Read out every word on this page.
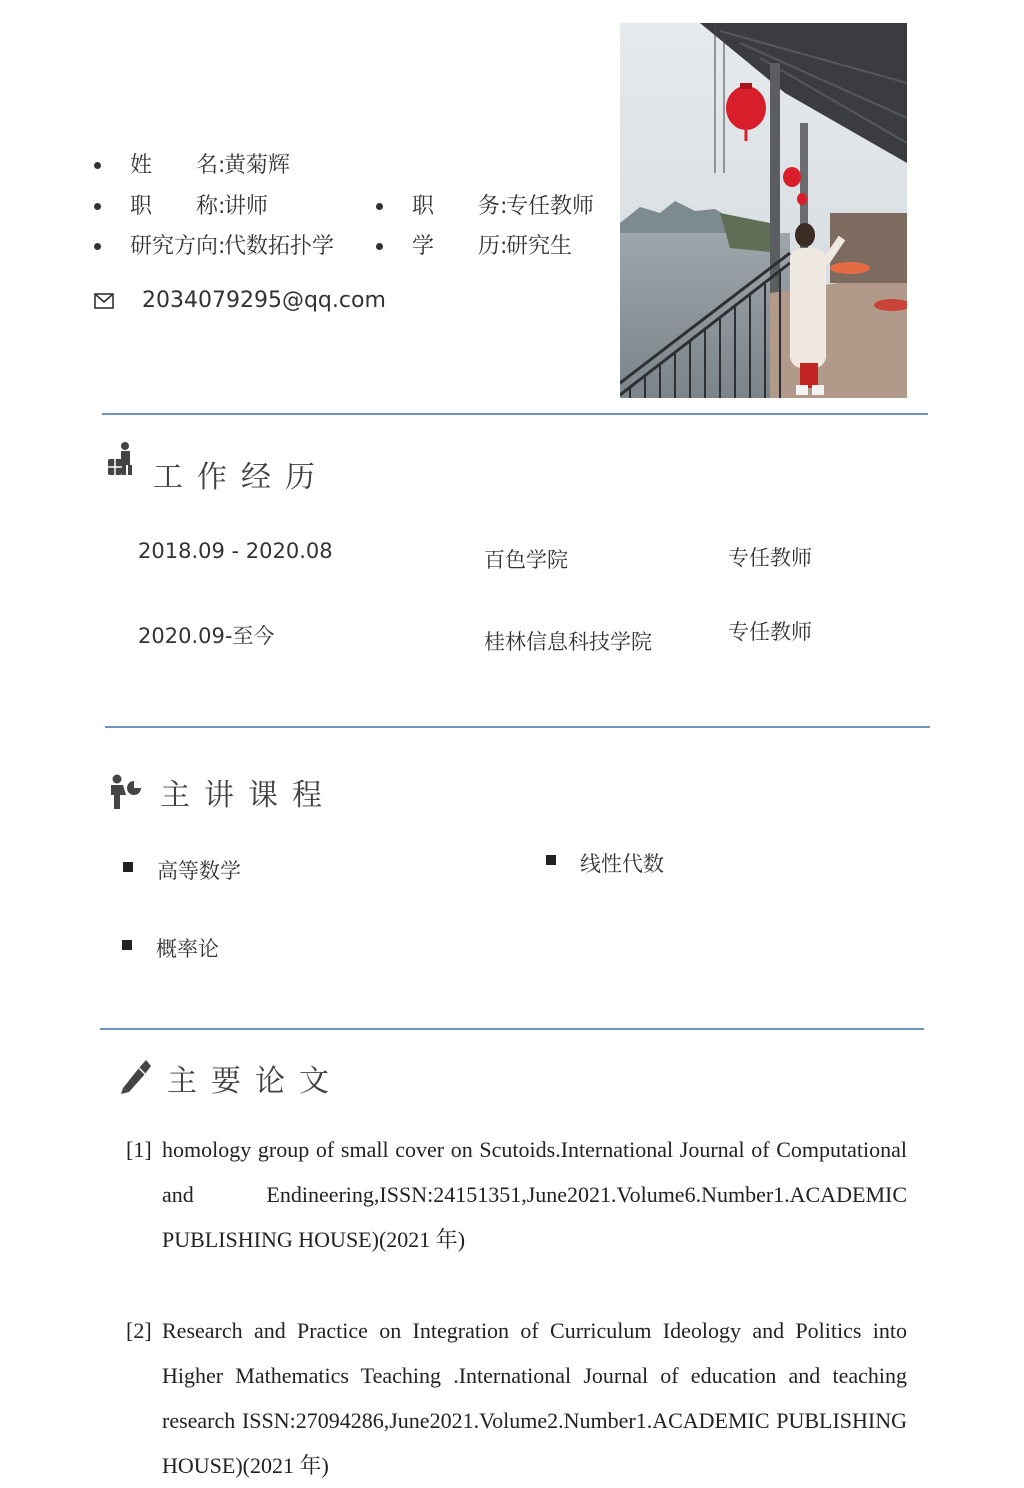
姓　　名:
黄菊辉
职　　称:
讲师	职　　务:
专任教师
研究方向:
代数拓扑学	学　　历:
研究生
2034079295@qq.com
工作经历
2018.09 - 2020.08	百色学院	专任教师
2020.09-至今	桂林信息科技学院	专任教师
主讲课程
高等数学	线性代数
概率论
主要论文
[1] homology group of small cover on Scutoids.International Journal of Computational and Endineering,ISSN:24151351,June2021.Volume6.Number1.ACADEMIC PUBLISHING HOUSE)(2021 年)
[2] Research and Practice on Integration of Curriculum Ideology and Politics into Higher Mathematics Teaching .International Journal of education and teaching research ISSN:27094286,June2021.Volume2.Number1.ACADEMIC PUBLISHING HOUSE)(2021 年)
